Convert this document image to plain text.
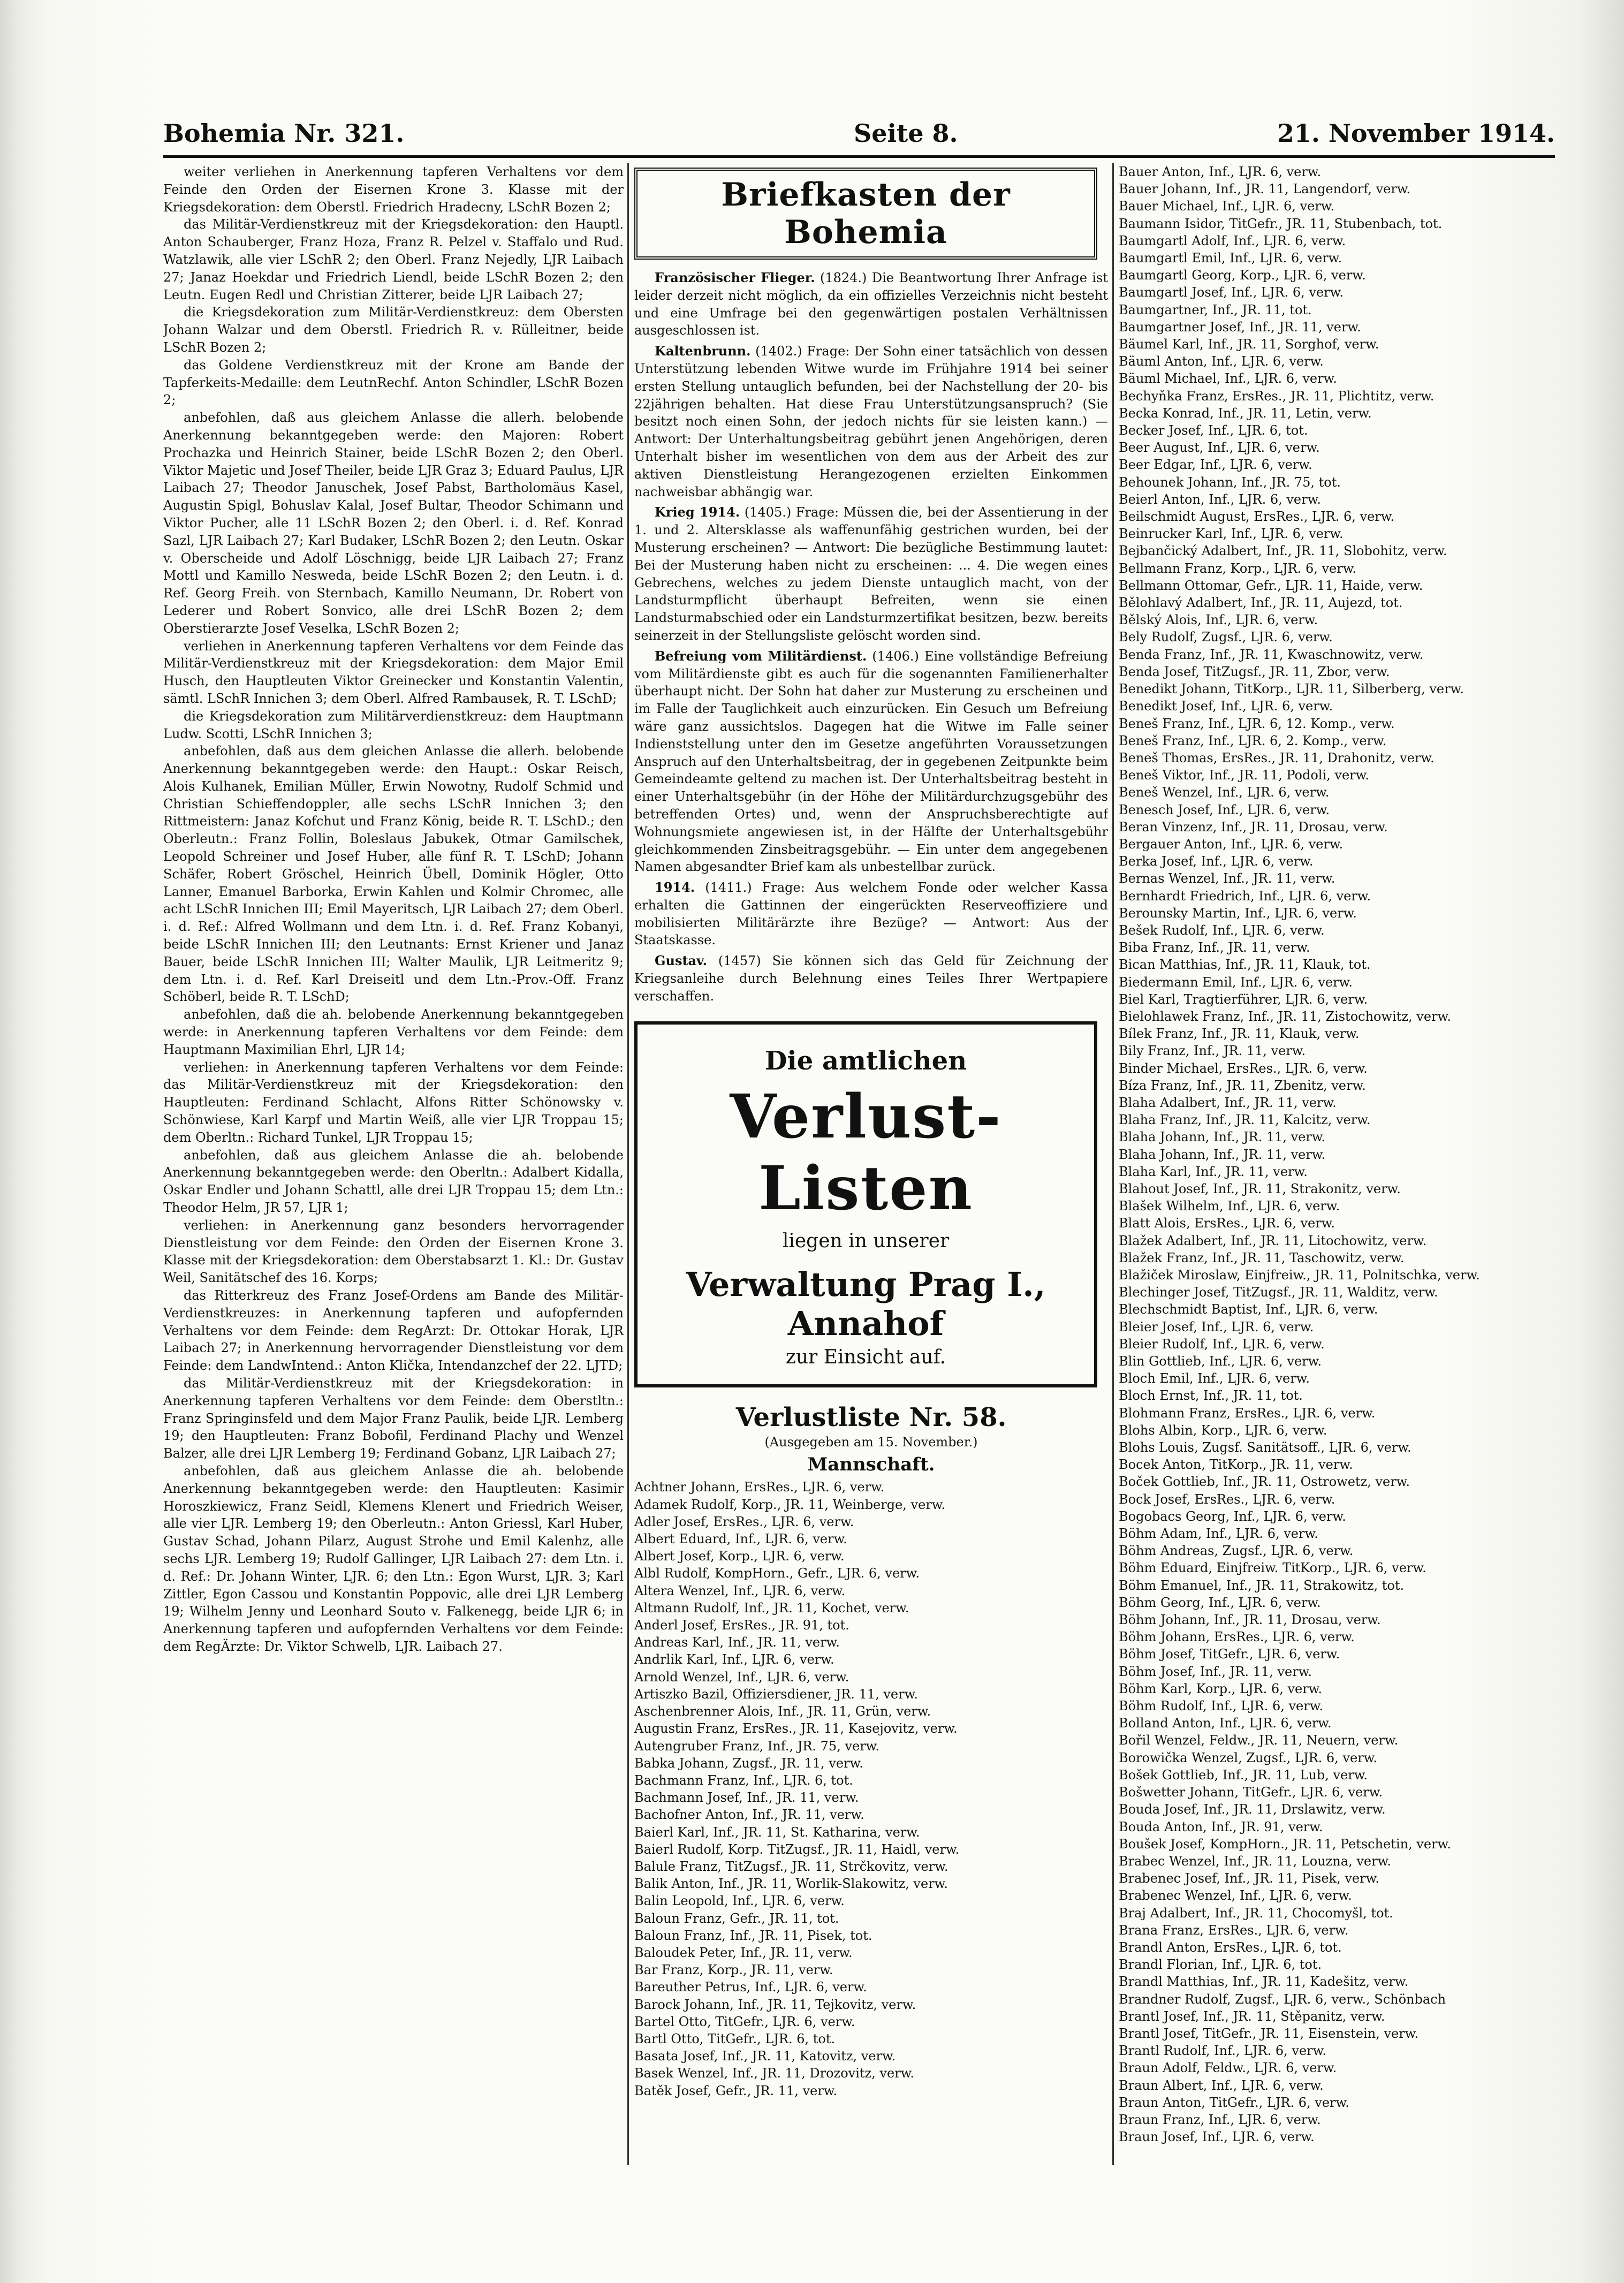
Bohemia Nr. 321.	Seite 8.	21. November 1914.

weiter verliehen in Anerkennung tapferen Verhaltens vor dem Feinde den Orden der Eisernen Krone 3. Klasse mit der Kriegsdekoration: dem Oberstl. Friedrich Hradecny, LSchR Bozen 2;

das Militär-Verdienstkreuz mit der Kriegsdekoration: den Hauptl. Anton Schauberger, Franz Hoza, Franz R. Pelzel v. Staffalo und Rud. Watzlawik, alle vier LSchR 2; den Oberl. Franz Nejedly, LJR Laibach 27; Janaz Hoekdar und Friedrich Liendl, beide LSchR Bozen 2; den Leutn. Eugen Redl und Christian Zitterer, beide LJR Laibach 27;

die Kriegsdekoration zum Militär-Verdienstkreuz: dem Obersten Johann Walzar und dem Oberstl. Friedrich R. v. Rülleitner, beide LSchR Bozen 2;

das Goldene Verdienstkreuz mit der Krone am Bande der Tapferkeits-Medaille: dem LeutnRechf. Anton Schindler, LSchR Bozen 2;

anbefohlen, daß aus gleichem Anlasse die allerh. belobende Anerkennung bekanntgegeben werde: den Majoren: Robert Prochazka und Heinrich Stainer, beide LSchR Bozen 2; den Oberl. Viktor Majetic und Josef Theiler, beide LJR Graz 3; Eduard Paulus, LJR Laibach 27; Theodor Januschek, Josef Pabst, Bartholomäus Kasel, Augustin Spigl, Bohuslav Kalal, Josef Bultar, Theodor Schimann und Viktor Pucher, alle 11 LSchR Bozen 2; den Oberl. i. d. Ref. Konrad Sazl, LJR Laibach 27; Karl Budaker, LSchR Bozen 2; den Leutn. Oskar v. Oberscheide und Adolf Löschnigg, beide LJR Laibach 27; Franz Mottl und Kamillo Nesweda, beide LSchR Bozen 2; den Leutn. i. d. Ref. Georg Freih. von Sternbach, Kamillo Neumann, Dr. Robert von Lederer und Robert Sonvico, alle drei LSchR Bozen 2; dem Oberstierarzte Josef Veselka, LSchR Bozen 2;

verliehen in Anerkennung tapferen Verhaltens vor dem Feinde das Militär-Verdienstkreuz mit der Kriegsdekoration: dem Major Emil Husch, den Hauptleuten Viktor Greinecker und Konstantin Valentin, sämtl. LSchR Innichen 3; dem Oberl. Alfred Rambausek, R. T. LSchD;

die Kriegsdekoration zum Militärverdienstkreuz: dem Hauptmann Ludw. Scotti, LSchR Innichen 3;

anbefohlen, daß aus dem gleichen Anlasse die allerh. belobende Anerkennung bekanntgegeben werde: den Haupt.: Oskar Reisch, Alois Kulhanek, Emilian Müller, Erwin Nowotny, Rudolf Schmid und Christian Schieffendoppler, alle sechs LSchR Innichen 3; den Rittmeistern: Janaz Kofchut und Franz König, beide R. T. LSchD.; den Oberleutn.: Franz Follin, Boleslaus Jabukek, Otmar Gamilschek, Leopold Schreiner und Josef Huber, alle fünf R. T. LSchD; Johann Schäfer, Robert Gröschel, Heinrich Übell, Dominik Högler, Otto Lanner, Emanuel Barborka, Erwin Kahlen und Kolmir Chromec, alle acht LSchR Innichen III; Emil Mayeritsch, LJR Laibach 27; dem Oberl. i. d. Ref.: Alfred Wollmann und dem Ltn. i. d. Ref. Franz Kobanyi, beide LSchR Innichen III; den Leutnants: Ernst Kriener und Janaz Bauer, beide LSchR Innichen III; Walter Maulik, LJR Leitmeritz 9; dem Ltn. i. d. Ref. Karl Dreiseitl und dem Ltn.-Prov.-Off. Franz Schöberl, beide R. T. LSchD;

anbefohlen, daß die ah. belobende Anerkennung bekanntgegeben werde: in Anerkennung tapferen Verhaltens vor dem Feinde: dem Hauptmann Maximilian Ehrl, LJR 14;

verliehen: in Anerkennung tapferen Verhaltens vor dem Feinde: das Militär-Verdienstkreuz mit der Kriegsdekoration: den Hauptleuten: Ferdinand Schlacht, Alfons Ritter Schönowsky v. Schönwiese, Karl Karpf und Martin Weiß, alle vier LJR Troppau 15; dem Oberltn.: Richard Tunkel, LJR Troppau 15;

anbefohlen, daß aus gleichem Anlasse die ah. belobende Anerkennung bekanntgegeben werde: den Oberltn.: Adalbert Kidalla, Oskar Endler und Johann Schattl, alle drei LJR Troppau 15; dem Ltn.: Theodor Helm, JR 57, LJR 1;

verliehen: in Anerkennung ganz besonders hervorragender Dienstleistung vor dem Feinde: den Orden der Eisernen Krone 3. Klasse mit der Kriegsdekoration: dem Oberstabsarzt 1. Kl.: Dr. Gustav Weil, Sanitätschef des 16. Korps;

das Ritterkreuz des Franz Josef-Ordens am Bande des Militär-Verdienstkreuzes: in Anerkennung tapferen und aufopfernden Verhaltens vor dem Feinde: dem RegArzt: Dr. Ottokar Horak, LJR Laibach 27; in Anerkennung hervorragender Dienstleistung vor dem Feinde: dem LandwIntend.: Anton Klička, Intendanzchef der 22. LJTD;

das Militär-Verdienstkreuz mit der Kriegsdekoration: in Anerkennung tapferen Verhaltens vor dem Feinde: dem Oberstltn.: Franz Springinsfeld und dem Major Franz Paulik, beide LJR. Lemberg 19; den Hauptleuten: Franz Bobofil, Ferdinand Plachy und Wenzel Balzer, alle drei LJR Lemberg 19; Ferdinand Gobanz, LJR Laibach 27;

anbefohlen, daß aus gleichem Anlasse die ah. belobende Anerkennung bekanntgegeben werde: den Hauptleuten: Kasimir Horoszkiewicz, Franz Seidl, Klemens Klenert und Friedrich Weiser, alle vier LJR. Lemberg 19; den Oberleutn.: Anton Griessl, Karl Huber, Gustav Schad, Johann Pilarz, August Strohe und Emil Kalenhz, alle sechs LJR. Lemberg 19; Rudolf Gallinger, LJR Laibach 27: dem Ltn. i. d. Ref.: Dr. Johann Winter, LJR. 6; den Ltn.: Egon Wurst, LJR. 3; Karl Zittler, Egon Cassou und Konstantin Poppovic, alle drei LJR Lemberg 19; Wilhelm Jenny und Leonhard Souto v. Falkenegg, beide LJR 6; in Anerkennung tapferen und aufopfernden Verhaltens vor dem Feinde: dem RegÄrzte: Dr. Viktor Schwelb, LJR. Laibach 27.

Briefkasten der Bohemia
Französischer Flieger. (1824.) Die Beantwortung Ihrer Anfrage ist leider derzeit nicht möglich, da ein offizielles Verzeichnis nicht besteht und eine Umfrage bei den gegenwärtigen postalen Verhältnissen ausgeschlossen ist.
Kaltenbrunn. (1402.) Frage: Der Sohn einer tatsächlich von dessen Unterstützung lebenden Witwe wurde im Frühjahre 1914 bei seiner ersten Stellung untauglich befunden, bei der Nachstellung der 20- bis 22jährigen behalten. Hat diese Frau Unterstützungsanspruch? (Sie besitzt noch einen Sohn, der jedoch nichts für sie leisten kann.) — Antwort: Der Unterhaltungsbeitrag gebührt jenen Angehörigen, deren Unterhalt bisher im wesentlichen von dem aus der Arbeit des zur aktiven Dienstleistung Herangezogenen erzielten Einkommen nachweisbar abhängig war.
Krieg 1914. (1405.) Frage: Müssen die, bei der Assentierung in der 1. und 2. Altersklasse als waffenunfähig gestrichen wurden, bei der Musterung erscheinen? — Antwort: Die bezügliche Bestimmung lautet: Bei der Musterung haben nicht zu erscheinen: ... 4. Die wegen eines Gebrechens, welches zu jedem Dienste untauglich macht, von der Landsturmpflicht überhaupt Befreiten, wenn sie einen Landsturmabschied oder ein Landsturmzertifikat besitzen, bezw. bereits seinerzeit in der Stellungsliste gelöscht worden sind.
Befreiung vom Militärdienst. (1406.) Eine vollständige Befreiung vom Militärdienste gibt es auch für die sogenannten Familienerhalter überhaupt nicht. Der Sohn hat daher zur Musterung zu erscheinen und im Falle der Tauglichkeit auch einzurücken. Ein Gesuch um Befreiung wäre ganz aussichtslos. Dagegen hat die Witwe im Falle seiner Indienststellung unter den im Gesetze angeführten Voraussetzungen Anspruch auf den Unterhaltsbeitrag, der in gegebenen Zeitpunkte beim Gemeindeamte geltend zu machen ist. Der Unterhaltsbeitrag besteht in einer Unterhaltsgebühr (in der Höhe der Militärdurchzugsgebühr des betreffenden Ortes) und, wenn der Anspruchsberechtigte auf Wohnungsmiete angewiesen ist, in der Hälfte der Unterhaltsgebühr gleichkommenden Zinsbeitragsgebühr. — Ein unter dem angegebenen Namen abgesandter Brief kam als unbestellbar zurück.
1914. (1411.) Frage: Aus welchem Fonde oder welcher Kassa erhalten die Gattinnen der eingerückten Reserveoffiziere und mobilisierten Militärärzte ihre Bezüge? — Antwort: Aus der Staatskasse.
Gustav. (1457) Sie können sich das Geld für Zeichnung der Kriegsanleihe durch Belehnung eines Teiles Ihrer Wertpapiere verschaffen.
Die amtlichen
Verlust-Listen
liegen in unserer
Verwaltung Prag I., Annahof
zur Einsicht auf.
Verlustliste Nr. 58.
(Ausgegeben am 15. November.)
Mannschaft.
Achtner Johann, ErsRes., LJR. 6, verw.
Adamek Rudolf, Korp., JR. 11, Weinberge, verw.
Adler Josef, ErsRes., LJR. 6, verw.
Albert Eduard, Inf., LJR. 6, verw.
Albert Josef, Korp., LJR. 6, verw.
Albl Rudolf, KompHorn., Gefr., LJR. 6, verw.
Altera Wenzel, Inf., LJR. 6, verw.
Altmann Rudolf, Inf., JR. 11, Kochet, verw.
Anderl Josef, ErsRes., JR. 91, tot.
Andreas Karl, Inf., JR. 11, verw.
Andrlik Karl, Inf., LJR. 6, verw.
Arnold Wenzel, Inf., LJR. 6, verw.
Artiszko Bazil, Offiziersdiener, JR. 11, verw.
Aschenbrenner Alois, Inf., JR. 11, Grün, verw.
Augustin Franz, ErsRes., JR. 11, Kasejovitz, verw.
Autengruber Franz, Inf., JR. 75, verw.
Babka Johann, Zugsf., JR. 11, verw.
Bachmann Franz, Inf., LJR. 6, tot.
Bachmann Josef, Inf., JR. 11, verw.
Bachofner Anton, Inf., JR. 11, verw.
Baierl Karl, Inf., JR. 11, St. Katharina, verw.
Baierl Rudolf, Korp. TitZugsf., JR. 11, Haidl, verw.
Balule Franz, TitZugsf., JR. 11, Strčkovitz, verw.
Balik Anton, Inf., JR. 11, Worlik-Slakowitz, verw.
Balin Leopold, Inf., LJR. 6, verw.
Baloun Franz, Gefr., JR. 11, tot.
Baloun Franz, Inf., JR. 11, Pisek, tot.
Baloudek Peter, Inf., JR. 11, verw.
Bar Franz, Korp., JR. 11, verw.
Bareuther Petrus, Inf., LJR. 6, verw.
Barock Johann, Inf., JR. 11, Tejkovitz, verw.
Bartel Otto, TitGefr., LJR. 6, verw.
Bartl Otto, TitGefr., LJR. 6, tot.
Basata Josef, Inf., JR. 11, Katovitz, verw.
Basek Wenzel, Inf., JR. 11, Drozovitz, verw.
Batěk Josef, Gefr., JR. 11, verw.
Bauer Anton, Inf., LJR. 6, verw.
Bauer Johann, Inf., JR. 11, Langendorf, verw.
Bauer Michael, Inf., LJR. 6, verw.
Baumann Isidor, TitGefr., JR. 11, Stubenbach, tot.
Baumgartl Adolf, Inf., LJR. 6, verw.
Baumgartl Emil, Inf., LJR. 6, verw.
Baumgartl Georg, Korp., LJR. 6, verw.
Baumgartl Josef, Inf., LJR. 6, verw.
Baumgartner, Inf., JR. 11, tot.
Baumgartner Josef, Inf., JR. 11, verw.
Bäumel Karl, Inf., JR. 11, Sorghof, verw.
Bäuml Anton, Inf., LJR. 6, verw.
Bäuml Michael, Inf., LJR. 6, verw.
Bechyňka Franz, ErsRes., JR. 11, Plichtitz, verw.
Becka Konrad, Inf., JR. 11, Letin, verw.
Becker Josef, Inf., LJR. 6, tot.
Beer August, Inf., LJR. 6, verw.
Beer Edgar, Inf., LJR. 6, verw.
Behounek Johann, Inf., JR. 75, tot.
Beierl Anton, Inf., LJR. 6, verw.
Beilschmidt August, ErsRes., LJR. 6, verw.
Beinrucker Karl, Inf., LJR. 6, verw.
Bejbančický Adalbert, Inf., JR. 11, Slobohitz, verw.
Bellmann Franz, Korp., LJR. 6, verw.
Bellmann Ottomar, Gefr., LJR. 11, Haide, verw.
Bělohlavý Adalbert, Inf., JR. 11, Aujezd, tot.
Bělský Alois, Inf., LJR. 6, verw.
Bely Rudolf, Zugsf., LJR. 6, verw.
Benda Franz, Inf., JR. 11, Kwaschnowitz, verw.
Benda Josef, TitZugsf., JR. 11, Zbor, verw.
Benedikt Johann, TitKorp., LJR. 11, Silberberg, verw.
Benedikt Josef, Inf., LJR. 6, verw.
Beneš Franz, Inf., LJR. 6, 12. Komp., verw.
Beneš Franz, Inf., LJR. 6, 2. Komp., verw.
Beneš Thomas, ErsRes., JR. 11, Drahonitz, verw.
Beneš Viktor, Inf., JR. 11, Podoli, verw.
Beneš Wenzel, Inf., LJR. 6, verw.
Benesch Josef, Inf., LJR. 6, verw.
Beran Vinzenz, Inf., JR. 11, Drosau, verw.
Bergauer Anton, Inf., LJR. 6, verw.
Berka Josef, Inf., LJR. 6, verw.
Bernas Wenzel, Inf., JR. 11, verw.
Bernhardt Friedrich, Inf., LJR. 6, verw.
Berounsky Martin, Inf., LJR. 6, verw.
Bešek Rudolf, Inf., LJR. 6, verw.
Biba Franz, Inf., JR. 11, verw.
Bican Matthias, Inf., JR. 11, Klauk, tot.
Biedermann Emil, Inf., LJR. 6, verw.
Biel Karl, Tragtierführer, LJR. 6, verw.
Bielohlawek Franz, Inf., JR. 11, Zistochowitz, verw.
Bílek Franz, Inf., JR. 11, Klauk, verw.
Bily Franz, Inf., JR. 11, verw.
Binder Michael, ErsRes., LJR. 6, verw.
Bíza Franz, Inf., JR. 11, Zbenitz, verw.
Blaha Adalbert, Inf., JR. 11, verw.
Blaha Franz, Inf., JR. 11, Kalcitz, verw.
Blaha Johann, Inf., JR. 11, verw.
Blaha Johann, Inf., JR. 11, verw.
Blaha Karl, Inf., JR. 11, verw.
Blahout Josef, Inf., JR. 11, Strakonitz, verw.
Blašek Wilhelm, Inf., LJR. 6, verw.
Blatt Alois, ErsRes., LJR. 6, verw.
Blažek Adalbert, Inf., JR. 11, Litochowitz, verw.
Blažek Franz, Inf., JR. 11, Taschowitz, verw.
Blažiček Miroslaw, Einjfreiw., JR. 11, Polnitschka, verw.
Blechinger Josef, TitZugsf., JR. 11, Walditz, verw.
Blechschmidt Baptist, Inf., LJR. 6, verw.
Bleier Josef, Inf., LJR. 6, verw.
Bleier Rudolf, Inf., LJR. 6, verw.
Blin Gottlieb, Inf., LJR. 6, verw.
Bloch Emil, Inf., LJR. 6, verw.
Bloch Ernst, Inf., JR. 11, tot.
Blohmann Franz, ErsRes., LJR. 6, verw.
Blohs Albin, Korp., LJR. 6, verw.
Blohs Louis, Zugsf. Sanitätsoff., LJR. 6, verw.
Bocek Anton, TitKorp., JR. 11, verw.
Boček Gottlieb, Inf., JR. 11, Ostrowetz, verw.
Bock Josef, ErsRes., LJR. 6, verw.
Bogobacs Georg, Inf., LJR. 6, verw.
Böhm Adam, Inf., LJR. 6, verw.
Böhm Andreas, Zugsf., LJR. 6, verw.
Böhm Eduard, Einjfreiw. TitKorp., LJR. 6, verw.
Böhm Emanuel, Inf., JR. 11, Strakowitz, tot.
Böhm Georg, Inf., LJR. 6, verw.
Böhm Johann, Inf., JR. 11, Drosau, verw.
Böhm Johann, ErsRes., LJR. 6, verw.
Böhm Josef, TitGefr., LJR. 6, verw.
Böhm Josef, Inf., JR. 11, verw.
Böhm Karl, Korp., LJR. 6, verw.
Böhm Rudolf, Inf., LJR. 6, verw.
Bolland Anton, Inf., LJR. 6, verw.
Bořil Wenzel, Feldw., JR. 11, Neuern, verw.
Borowička Wenzel, Zugsf., LJR. 6, verw.
Bošek Gottlieb, Inf., JR. 11, Lub, verw.
Bošwetter Johann, TitGefr., LJR. 6, verw.
Bouda Josef, Inf., JR. 11, Drslawitz, verw.
Bouda Anton, Inf., JR. 91, verw.
Boušek Josef, KompHorn., JR. 11, Petschetin, verw.
Brabec Wenzel, Inf., JR. 11, Louzna, verw.
Brabenec Josef, Inf., JR. 11, Pisek, verw.
Brabenec Wenzel, Inf., LJR. 6, verw.
Braj Adalbert, Inf., JR. 11, Chocomyšl, tot.
Brana Franz, ErsRes., LJR. 6, verw.
Brandl Anton, ErsRes., LJR. 6, tot.
Brandl Florian, Inf., LJR. 6, tot.
Brandl Matthias, Inf., JR. 11, Kadešitz, verw.
Brandner Rudolf, Zugsf., LJR. 6, verw., Schönbach
Brantl Josef, Inf., JR. 11, Stěpanitz, verw.
Brantl Josef, TitGefr., JR. 11, Eisenstein, verw.
Brantl Rudolf, Inf., LJR. 6, verw.
Braun Adolf, Feldw., LJR. 6, verw.
Braun Albert, Inf., LJR. 6, verw.
Braun Anton, TitGefr., LJR. 6, verw.
Braun Franz, Inf., LJR. 6, verw.
Braun Josef, Inf., LJR. 6, verw.
